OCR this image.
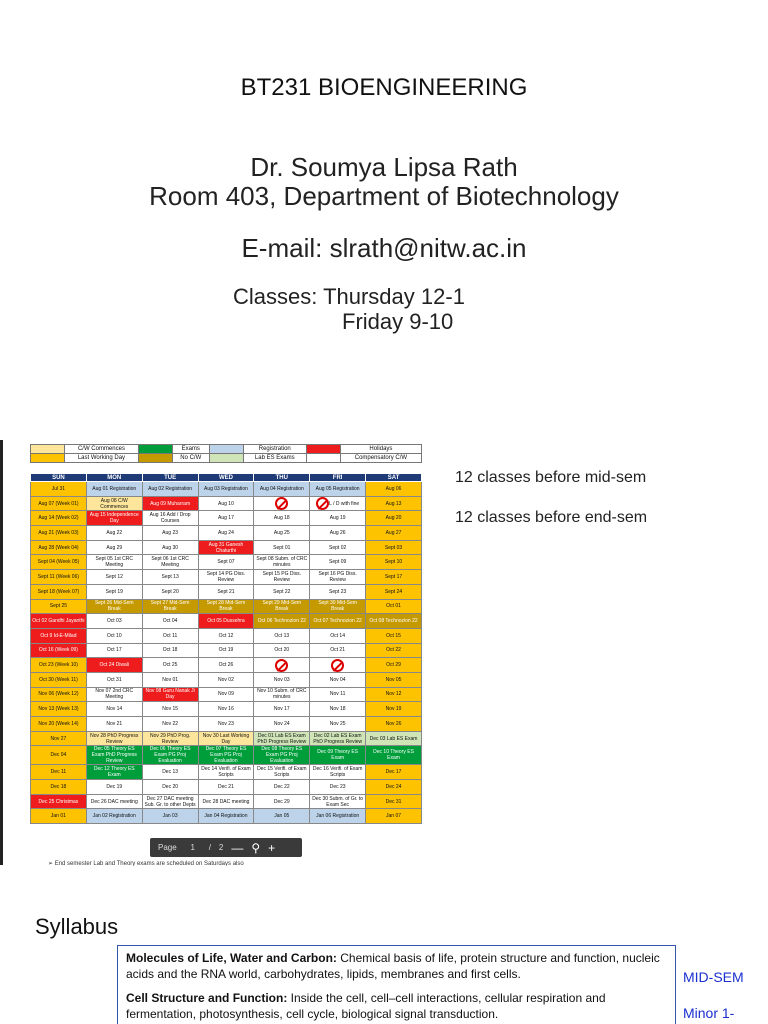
BT231 BIOENGINEERING
Dr. Soumya Lipsa Rath
Room 403, Department of Biotechnology
E-mail: slrath@nitw.ac.in
Classes: Thursday 12-1
Friday 9-10
	C/W Commences		Exams		Registration		Holidays
	Last Working Day		No C/W		Lab ES Exams		Compensatory C/W
SUN	MON	TUE	WED	THU	FRI	SAT
Jul 31	Aug 01 Registration	Aug 02 Registration	Aug 03 Registration	Aug 04 Registration	Aug 05 Registration	Aug 06
Aug 07 (Week 01)	Aug 08 C/W Commences	Aug 09 Muharram	Aug 10		L / D with fine	Aug 13
Aug 14 (Week 02)	Aug 15 Independence Day	Aug 16 Add / Drop Courses	Aug 17	Aug 18	Aug 19	Aug 20
Aug 21 (Week 03)	Aug 22	Aug 23	Aug 24	Aug 25	Aug 26	Aug 27
Aug 28 (Week 04)	Aug 29	Aug 30	Aug 31 Ganesh Chaturthi	Sept 01	Sept 02	Sept 03
Sept 04 (Week 05)	Sept 05 1st CRC Meeting	Sept 06 1st CRC Meeting	Sept 07	Sept 08 Subm. of CRC minutes	Sept 09	Sept 10
Sept 11 (Week 06)	Sept 12	Sept 13	Sept 14 PG Diss. Review	Sept 15 PG Diss. Review	Sept 16 PG Diss. Review	Sept 17
Sept 18 (Week 07)	Sept 19	Sept 20	Sept 21	Sept 22	Sept 23	Sept 24
Sept 25	Sept 26 Mid-Sem Break	Sept 27 Mid-Sem Break	Sept 28 Mid-Sem Break	Sept 29 Mid-Sem Break	Sept 30 Mid-Sem Break	Oct 01
Oct 02 Gandhi Jayanthi	Oct 03	Oct 04	Oct 05 Dussehra	Oct 06 Technozion 22	Oct 07 Technozion 22	Oct 08 Technozion 22
Oct 9 Id-E-Milad	Oct 10	Oct 11	Oct 12	Oct 13	Oct 14	Oct 15
Oct 16 (Week 09)	Oct 17	Oct 18	Oct 19	Oct 20	Oct 21	Oct 22
Oct 23 (Week 10)	Oct 24 Diwali	Oct 25	Oct 26			Oct 29
Oct 30 (Week 11)	Oct 31	Nov 01	Nov 02	Nov 03	Nov 04	Nov 05
Nov 06 (Week 12)	Nov 07 2nd CRC Meeting	Nov 08 Guru Nanak Ji Day	Nov 09	Nov 10 Subm. of CRC minutes	Nov 11	Nov 12
Nov 13 (Week 13)	Nov 14	Nov 15	Nov 16	Nov 17	Nov 18	Nov 19
Nov 20 (Week 14)	Nov 21	Nov 22	Nov 23	Nov 24	Nov 25	Nov 26
Nov 27	Nov 28 PhD Progress Review	Nov 29 PhD Prog. Review	Nov 30 Last Working Day	Dec 01 Lab ES Exam PhD Progress Review	Dec 02 Lab ES Exam PhD Progress Review	Dec 03 Lab ES Exam
Dec 04	Dec 05 Theory ES Exam PhD Progress Review	Dec 06 Theory ES Exam PG Proj Evaluation	Dec 07 Theory ES Exam PG Proj Evaluation	Dec 08 Theory ES Exam PG Proj Evaluation	Dec 09 Theory ES Exam	Dec 10 Theory ES Exam
Dec 11	Dec 12 Theory ES Exam	Dec 13	Dec 14 Verifi. of Exam Scripts	Dec 15 Verifi. of Exam Scripts	Dec 16 Verifi. of Exam Scripts	Dec 17
Dec 18	Dec 19	Dec 20	Dec 21	Dec 22	Dec 23	Dec 24
Dec 25 Christmas	Dec 26 DAC meeting	Dec 27 DAC meeting Sub. Gr. to other Depts	Dec 28 DAC meeting	Dec 29	Dec 30 Subm. of Gr. to Exam Sec	Dec 31
Jan 01	Jan 02 Registration	Jan 03	Jan 04 Registration	Jan 05	Jan 06 Registration	Jan 07
Page	1	/ 2 — ⚲ +
➢ End semester Lab and Theory exams are scheduled on Saturdays also
12 classes before mid-sem
12 classes before end-sem
Syllabus

Molecules of Life, Water and Carbon: Chemical basis of life, protein structure and function, nucleic acids and the RNA world, carbohydrates, lipids, membranes and first cells.

Cell Structure and Function: Inside the cell, cell–cell interactions, cellular respiration and fermentation, photosynthesis, cell cycle, biological signal transduction.

MID-SEM
Minor 1-
